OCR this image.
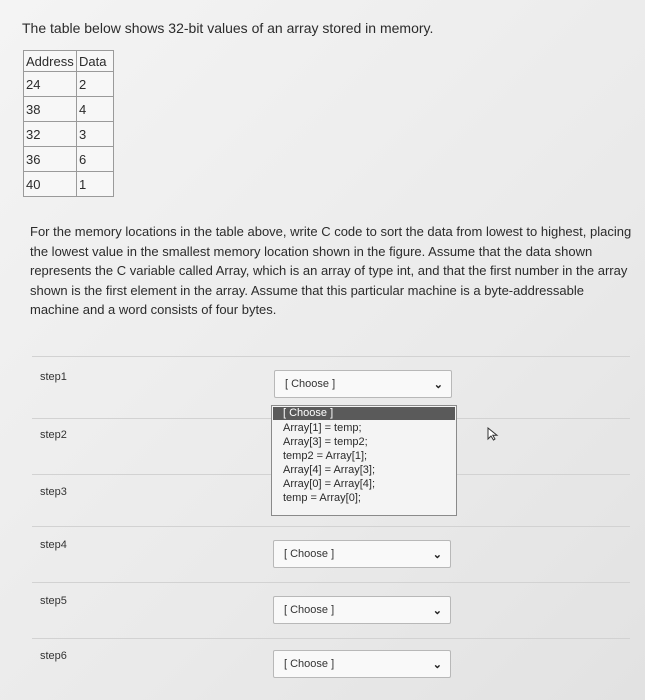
The table below shows 32-bit values of an array stored in memory.
Address	Data
24	2
38	4
32	3
36	6
40	1
For the memory locations in the table above, write C code to sort the data from lowest to highest, placing the lowest value in the smallest memory location shown in the figure. Assume that the data shown represents the C variable called Array, which is an array of type int, and that the first number in the array shown is the first element in the array. Assume that this particular machine is a byte-addressable machine and a word consists of four bytes.
step1
[ Choose ]	⌄
step2
step3
step4
[ Choose ]	⌄
step5
[ Choose ]	⌄
step6
[ Choose ]	⌄
[ Choose ]
Array[1] = temp;
Array[3] = temp2;
temp2 = Array[1];
Array[4] = Array[3];
Array[0] = Array[4];
temp = Array[0];
